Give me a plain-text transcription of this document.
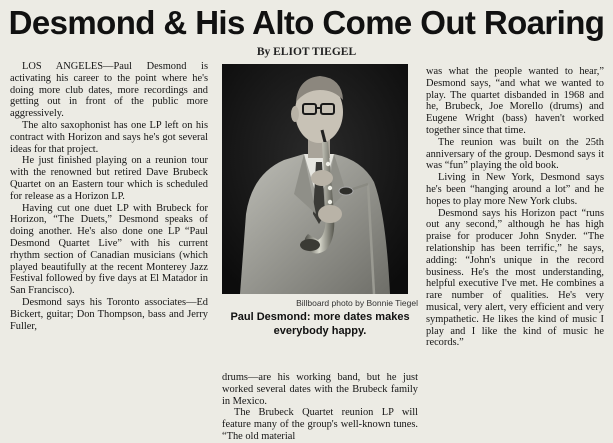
Desmond & His Alto Come Out Roaring
By ELIOT TIEGEL

LOS ANGELES—Paul Desmond is activating his career to the point where he's doing more club dates, more recordings and getting out in front of the public more aggressively.

The alto saxophonist has one LP left on his contract with Horizon and says he's got several ideas for that project.

He just finished playing on a reunion tour with the renowned but retired Dave Brubeck Quartet on an Eastern tour which is scheduled for release as a Horizon LP.

Having cut one duet LP with Brubeck for Horizon, “The Duets,” Desmond speaks of doing another. He's also done one LP “Paul Desmond Quartet Live” with his current rhythm section of Canadian musicians (which played beautifully at the recent Monterey Jazz Festival followed by five days at El Matador in San Francisco).

Desmond says his Toronto associates—Ed Bickert, guitar; Don Thompson, bass and Jerry Fuller,

Billboard photo by Bonnie Tiegel
Paul Desmond: more dates makes
everybody happy.

drums—are his working band, but he just worked several dates with the Brubeck family in Mexico.

The Brubeck Quartet reunion LP will feature many of the group's well-known tunes. “The old material

was what the people wanted to hear,” Desmond says, “and what we wanted to play. The quartet disbanded in 1968 and he, Brubeck, Joe Morello (drums) and Eugene Wright (bass) haven't worked together since that time.

The reunion was built on the 25th anniversary of the group. Desmond says it was “fun” playing the old book.

Living in New York, Desmond says he's been “hanging around a lot” and he hopes to play more New York clubs.

Desmond says his Horizon pact “runs out any second,” although he has high praise for producer John Snyder. “The relationship has been terrific,” he says, adding: “John's unique in the record business. He's the most understanding, helpful executive I've met. He combines a rare number of qualities. He's very musical, very alert, very efficient and very sympathetic. He likes the kind of music I play and I like the kind of music he records.”
